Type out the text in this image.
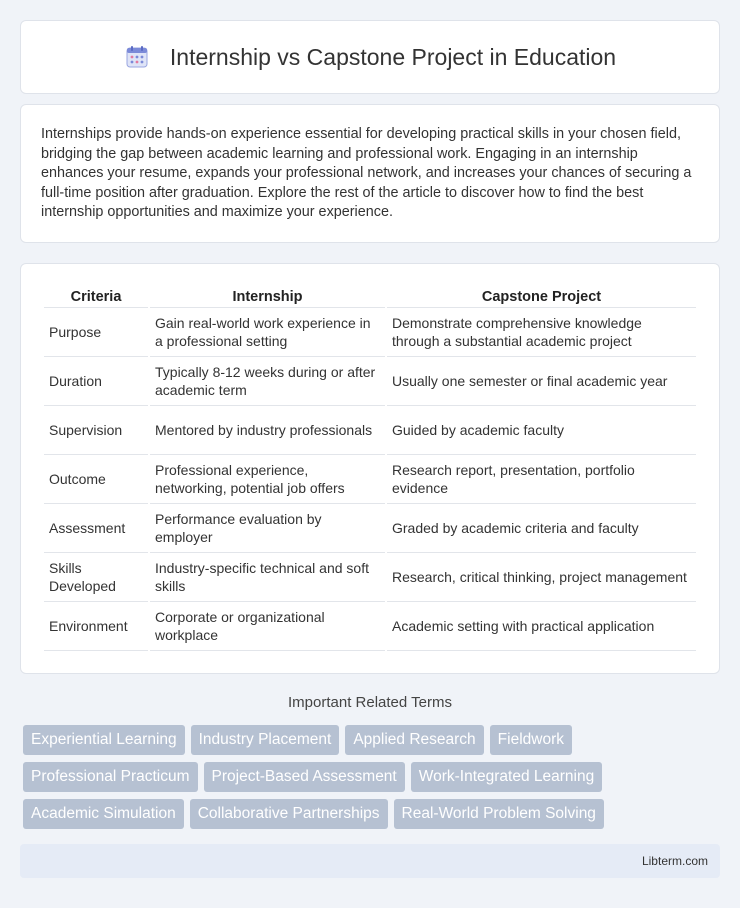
Internship vs Capstone Project in Education

Internships provide hands-on experience essential for developing practical skills in your chosen field, bridging the gap between academic learning and professional work. Engaging in an internship enhances your resume, expands your professional network, and increases your chances of securing a full-time position after graduation. Explore the rest of the article to discover how to find the best internship opportunities and maximize your experience.

Criteria	Internship	Capstone Project
Purpose	Gain real-world work experience in a professional setting	Demonstrate comprehensive knowledge through a substantial academic project
Duration	Typically 8-12 weeks during or after academic term	Usually one semester or final academic year
Supervision	Mentored by industry professionals	Guided by academic faculty
Outcome	Professional experience, networking, potential job offers	Research report, presentation, portfolio evidence
Assessment	Performance evaluation by employer	Graded by academic criteria and faculty
Skills Developed	Industry-specific technical and soft skills	Research, critical thinking, project management
Environment	Corporate or organizational workplace	Academic setting with practical application
Important Related Terms
Experiential Learning	Industry Placement	Applied Research	Fieldwork
Professional Practicum	Project-Based Assessment	Work-Integrated Learning
Academic Simulation	Collaborative Partnerships	Real-World Problem Solving
Libterm.com
